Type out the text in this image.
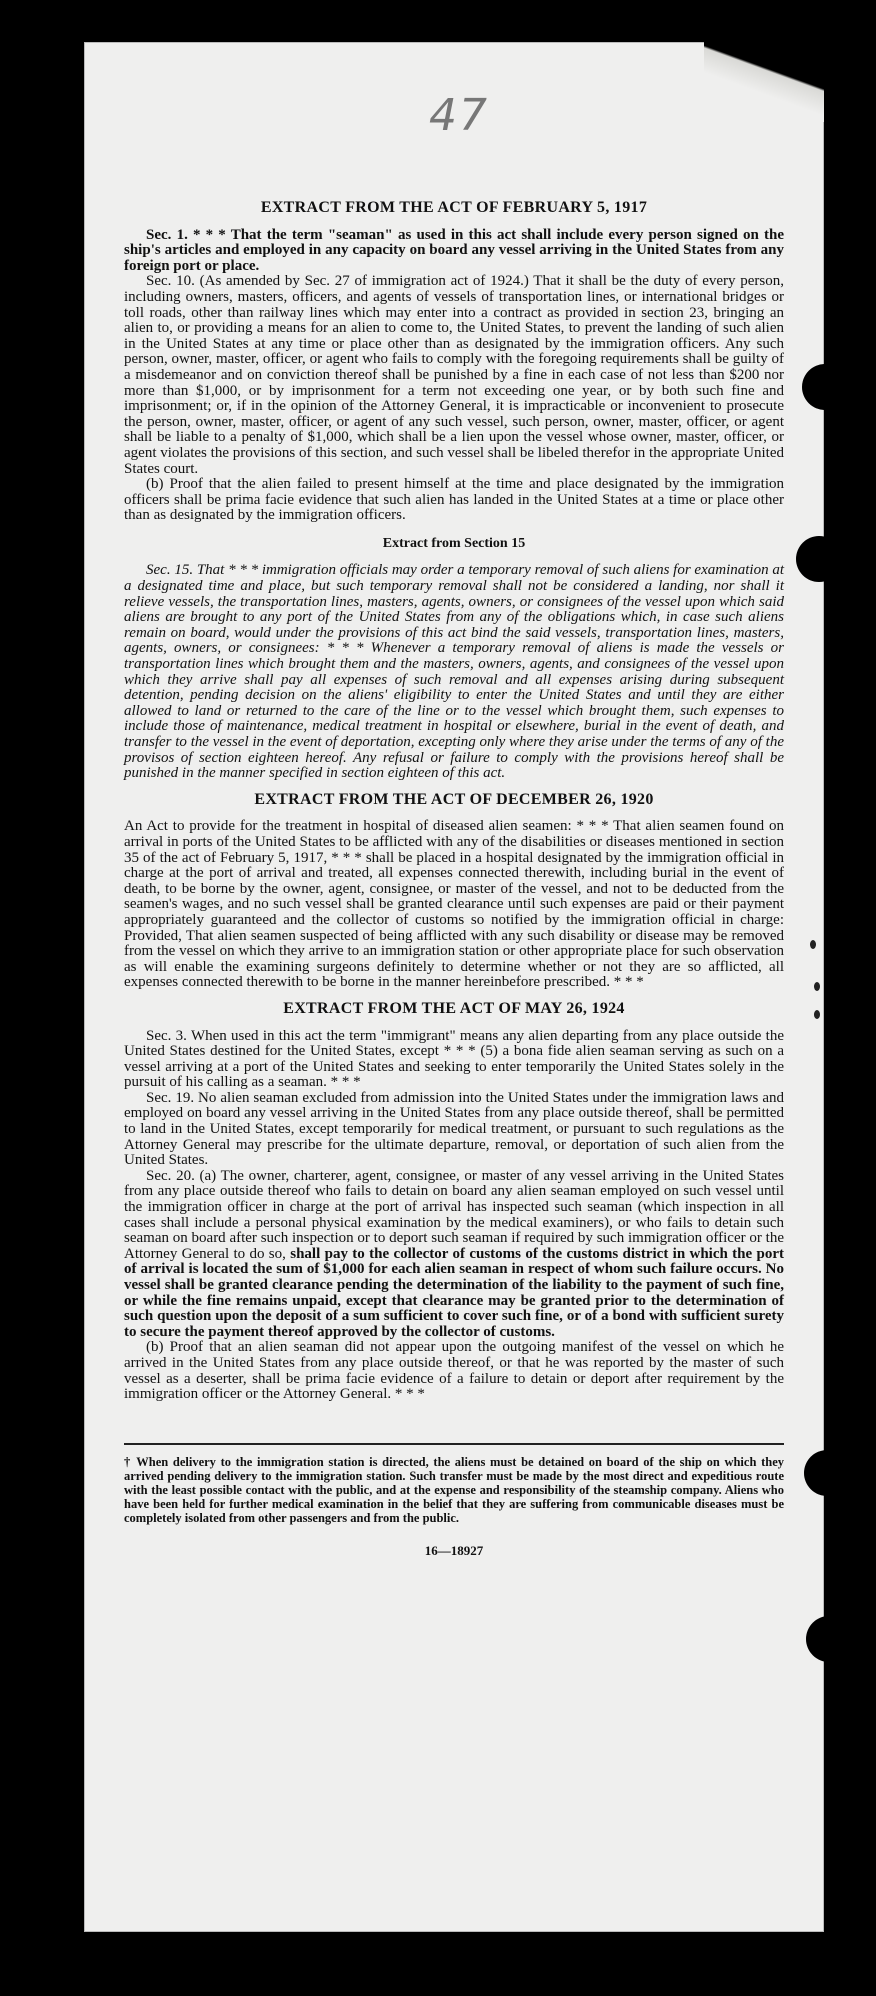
47
EXTRACT FROM THE ACT OF FEBRUARY 5, 1917

Sec. 1. * * * That the term "seaman" as used in this act shall include every person signed on the ship's articles and employed in any capacity on board any vessel arriving in the United States from any foreign port or place.

Sec. 10. (As amended by Sec. 27 of immigration act of 1924.) That it shall be the duty of every person, including owners, masters, officers, and agents of vessels of transportation lines, or international bridges or toll roads, other than railway lines which may enter into a contract as provided in section 23, bringing an alien to, or providing a means for an alien to come to, the United States, to prevent the landing of such alien in the United States at any time or place other than as designated by the immigration officers. Any such person, owner, master, officer, or agent who fails to comply with the foregoing requirements shall be guilty of a misdemeanor and on conviction thereof shall be punished by a fine in each case of not less than $200 nor more than $1,000, or by imprisonment for a term not exceeding one year, or by both such fine and imprisonment; or, if in the opinion of the Attorney General, it is impracticable or inconvenient to prosecute the person, owner, master, officer, or agent of any such vessel, such person, owner, master, officer, or agent shall be liable to a penalty of $1,000, which shall be a lien upon the vessel whose owner, master, officer, or agent violates the provisions of this section, and such vessel shall be libeled therefor in the appropriate United States court.

(b) Proof that the alien failed to present himself at the time and place designated by the immigration officers shall be prima facie evidence that such alien has landed in the United States at a time or place other than as designated by the immigration officers.

Extract from Section 15

Sec. 15. That * * * immigration officials may order a temporary removal of such aliens for examination at a designated time and place, but such temporary removal shall not be considered a landing, nor shall it relieve vessels, the transportation lines, masters, agents, owners, or consignees of the vessel upon which said aliens are brought to any port of the United States from any of the obligations which, in case such aliens remain on board, would under the provisions of this act bind the said vessels, transportation lines, masters, agents, owners, or consignees: * * * Whenever a temporary removal of aliens is made the vessels or transportation lines which brought them and the masters, owners, agents, and consignees of the vessel upon which they arrive shall pay all expenses of such removal and all expenses arising during subsequent detention, pending decision on the aliens' eligibility to enter the United States and until they are either allowed to land or returned to the care of the line or to the vessel which brought them, such expenses to include those of maintenance, medical treatment in hospital or elsewhere, burial in the event of death, and transfer to the vessel in the event of deportation, excepting only where they arise under the terms of any of the provisos of section eighteen hereof. Any refusal or failure to comply with the provisions hereof shall be punished in the manner specified in section eighteen of this act.

EXTRACT FROM THE ACT OF DECEMBER 26, 1920

An Act to provide for the treatment in hospital of diseased alien seamen: * * * That alien seamen found on arrival in ports of the United States to be afflicted with any of the disabilities or diseases mentioned in section 35 of the act of February 5, 1917, * * * shall be placed in a hospital designated by the immigration official in charge at the port of arrival and treated, all expenses connected therewith, including burial in the event of death, to be borne by the owner, agent, consignee, or master of the vessel, and not to be deducted from the seamen's wages, and no such vessel shall be granted clearance until such expenses are paid or their payment appropriately guaranteed and the collector of customs so notified by the immigration official in charge: Provided, That alien seamen suspected of being afflicted with any such disability or disease may be removed from the vessel on which they arrive to an immigration station or other appropriate place for such observation as will enable the examining surgeons definitely to determine whether or not they are so afflicted, all expenses connected therewith to be borne in the manner hereinbefore prescribed. * * *

EXTRACT FROM THE ACT OF MAY 26, 1924

Sec. 3. When used in this act the term "immigrant" means any alien departing from any place outside the United States destined for the United States, except * * * (5) a bona fide alien seaman serving as such on a vessel arriving at a port of the United States and seeking to enter temporarily the United States solely in the pursuit of his calling as a seaman. * * *

Sec. 19. No alien seaman excluded from admission into the United States under the immigration laws and employed on board any vessel arriving in the United States from any place outside thereof, shall be permitted to land in the United States, except temporarily for medical treatment, or pursuant to such regulations as the Attorney General may prescribe for the ultimate departure, removal, or deportation of such alien from the United States.

Sec. 20. (a) The owner, charterer, agent, consignee, or master of any vessel arriving in the United States from any place outside thereof who fails to detain on board any alien seaman employed on such vessel until the immigration officer in charge at the port of arrival has inspected such seaman (which inspection in all cases shall include a personal physical examination by the medical examiners), or who fails to detain such seaman on board after such inspection or to deport such seaman if required by such immigration officer or the Attorney General to do so, shall pay to the collector of customs of the customs district in which the port of arrival is located the sum of $1,000 for each alien seaman in respect of whom such failure occurs. No vessel shall be granted clearance pending the determination of the liability to the payment of such fine, or while the fine remains unpaid, except that clearance may be granted prior to the determination of such question upon the deposit of a sum sufficient to cover such fine, or of a bond with sufficient surety to secure the payment thereof approved by the collector of customs.

(b) Proof that an alien seaman did not appear upon the outgoing manifest of the vessel on which he arrived in the United States from any place outside thereof, or that he was reported by the master of such vessel as a deserter, shall be prima facie evidence of a failure to detain or deport after requirement by the immigration officer or the Attorney General. * * *

† When delivery to the immigration station is directed, the aliens must be detained on board of the ship on which they arrived pending delivery to the immigration station. Such transfer must be made by the most direct and expeditious route with the least possible contact with the public, and at the expense and responsibility of the steamship company. Aliens who have been held for further medical examination in the belief that they are suffering from communicable diseases must be completely isolated from other passengers and from the public.
16—18927
